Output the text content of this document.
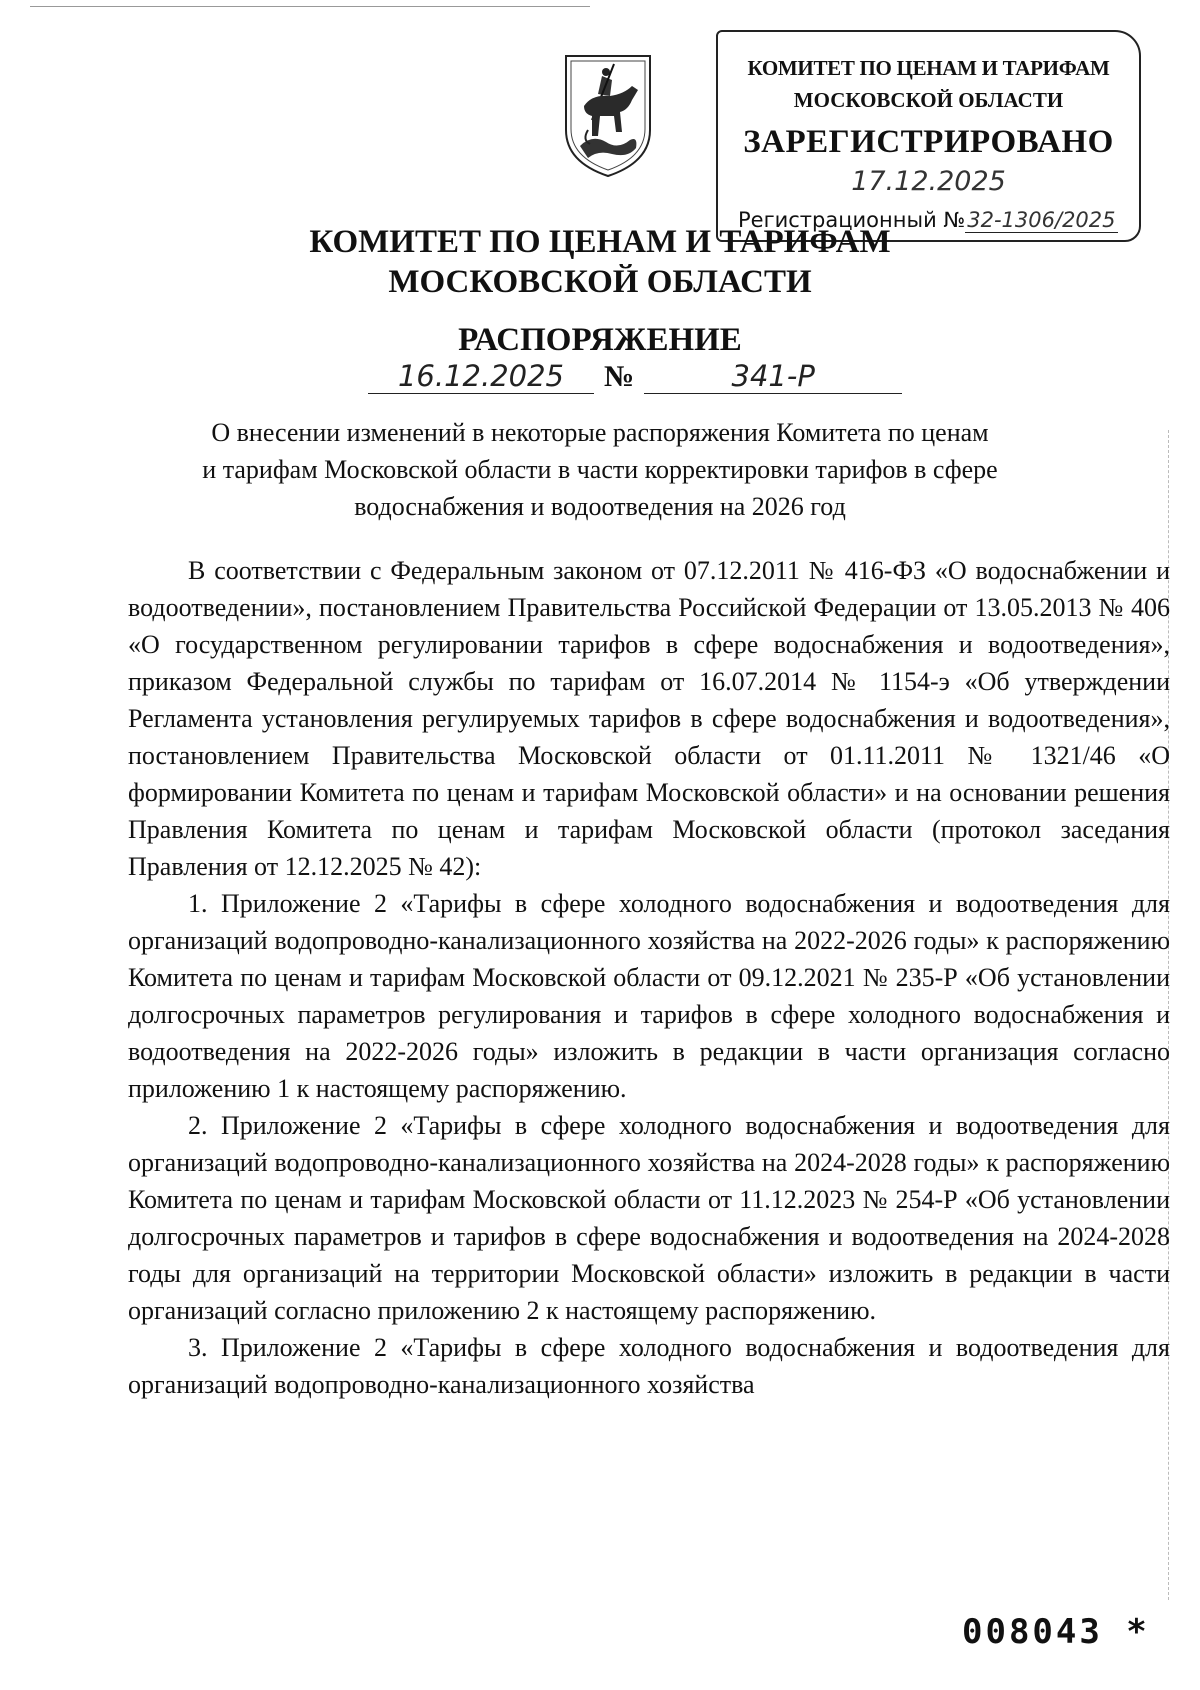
КОМИТЕТ ПО ЦЕНАМ И ТАРИФАМ
МОСКОВСКОЙ ОБЛАСТИ
ЗАРЕГИСТРИРОВАНО
17.12.2025
Регистрационный №32-1306/2025
КОМИТЕТ ПО ЦЕНАМ И ТАРИФАМ
МОСКОВСКОЙ ОБЛАСТИ
РАСПОРЯЖЕНИЕ
16.12.2025 №	341-Р
О внесении изменений в некоторые распоряжения Комитета по ценам
и тарифам Московской области в части корректировки тарифов в сфере
водоснабжения и водоотведения на 2026 год

В соответствии с Федеральным законом от 07.12.2011 № 416-ФЗ «О водоснабжении и водоотведении», постановлением Правительства Российской Федерации от 13.05.2013 № 406 «О государственном регулировании тарифов в сфере водоснабжения и водоотведения», приказом Федеральной службы по тарифам от 16.07.2014 № 1154-э «Об утверждении Регламента установления регулируемых тарифов в сфере водоснабжения и водоотведения», постановлением Правительства Московской области от 01.11.2011 № 1321/46 «О формировании Комитета по ценам и тарифам Московской области» и на основании решения Правления Комитета по ценам и тарифам Московской области (протокол заседания Правления от 12.12.2025 № 42):

1. Приложение 2 «Тарифы в сфере холодного водоснабжения и водоотведения для организаций водопроводно-канализационного хозяйства на 2022-2026 годы» к распоряжению Комитета по ценам и тарифам Московской области от 09.12.2021 № 235-Р «Об установлении долгосрочных параметров регулирования и тарифов в сфере холодного водоснабжения и водоотведения на 2022-2026 годы» изложить в редакции в части организация согласно приложению 1 к настоящему распоряжению.

2. Приложение 2 «Тарифы в сфере холодного водоснабжения и водоотведения для организаций водопроводно-канализационного хозяйства на 2024-2028 годы» к распоряжению Комитета по ценам и тарифам Московской области от 11.12.2023 № 254-Р «Об установлении долгосрочных параметров и тарифов в сфере водоснабжения и водоотведения на 2024-2028 годы для организаций на территории Московской области» изложить в редакции в части организаций согласно приложению 2 к настоящему распоряжению.

3. Приложение 2 «Тарифы в сфере холодного водоснабжения и водоотведения для организаций водопроводно-канализационного хозяйства

008043 *
